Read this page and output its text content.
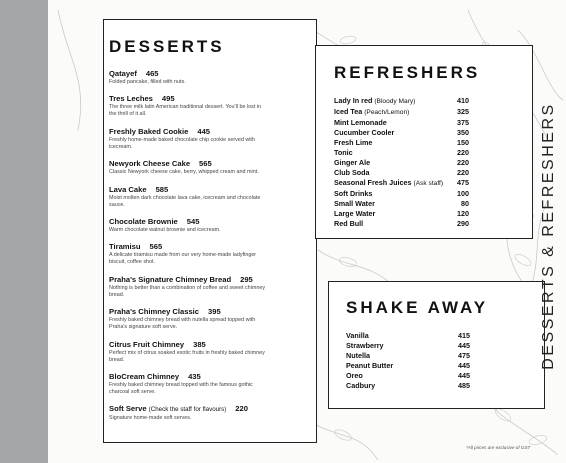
DESSERTS
Qatayef 465
Folded pancake, filled with nuts.
Tres Leches 495
The three milk latin American traditional dessert. You'll be lost in the thrill of it all.
Freshly Baked Cookie 445
Freshly home-made baked chocolate chip cookie served with icecream.
Newyork Cheese Cake 565
Classic Newyork cheese cake, berry, whipped cream and mint.
Lava Cake 585
Moist molten dark chocolate lava cake, icecream and chocolate sauce.
Chocolate Brownie 545
Warm chocolate walnut brownie and icecream.
Tiramisu 565
A delicate tiramisu made from our very home-made ladyfinger biscuit, coffee shot.
Praha's Signature Chimney Bread 295
Nothing is better than a combination of coffee and sweet chimney bread.
Praha's Chimney Classic 395
Freshly baked chimney bread with nutella spread topped with Praha's signature soft serve.
Citrus Fruit Chimney 385
Perfect mix of citrus soaked exotic fruits in freshly baked chimney bread.
BloCream Chimney 435
Freshly baked chimney bread topped with the famous gothic charcoal soft serve.
Soft Serve (Check the staff for flavours) 220
Signature home-made soft serves.
REFRESHERS
Lady In red (Bloody Mary)	410
Iced Tea (Peach/Lemon)	325
Mint Lemonade	375
Cucumber Cooler	350
Fresh Lime	150
Tonic	220
Ginger Ale	220
Club Soda	220
Seasonal Fresh Juices (Ask staff) 475
Soft Drinks	100
Small Water	80
Large Water	120
Red Bull	290
SHAKE AWAY
Vanilla	415
Strawberry	445
Nutella	475
Peanut Butter	445
Oreo	445
Cadbury	485
DESSERTS & REFRESHERS
*All prices are exclusive of GST
